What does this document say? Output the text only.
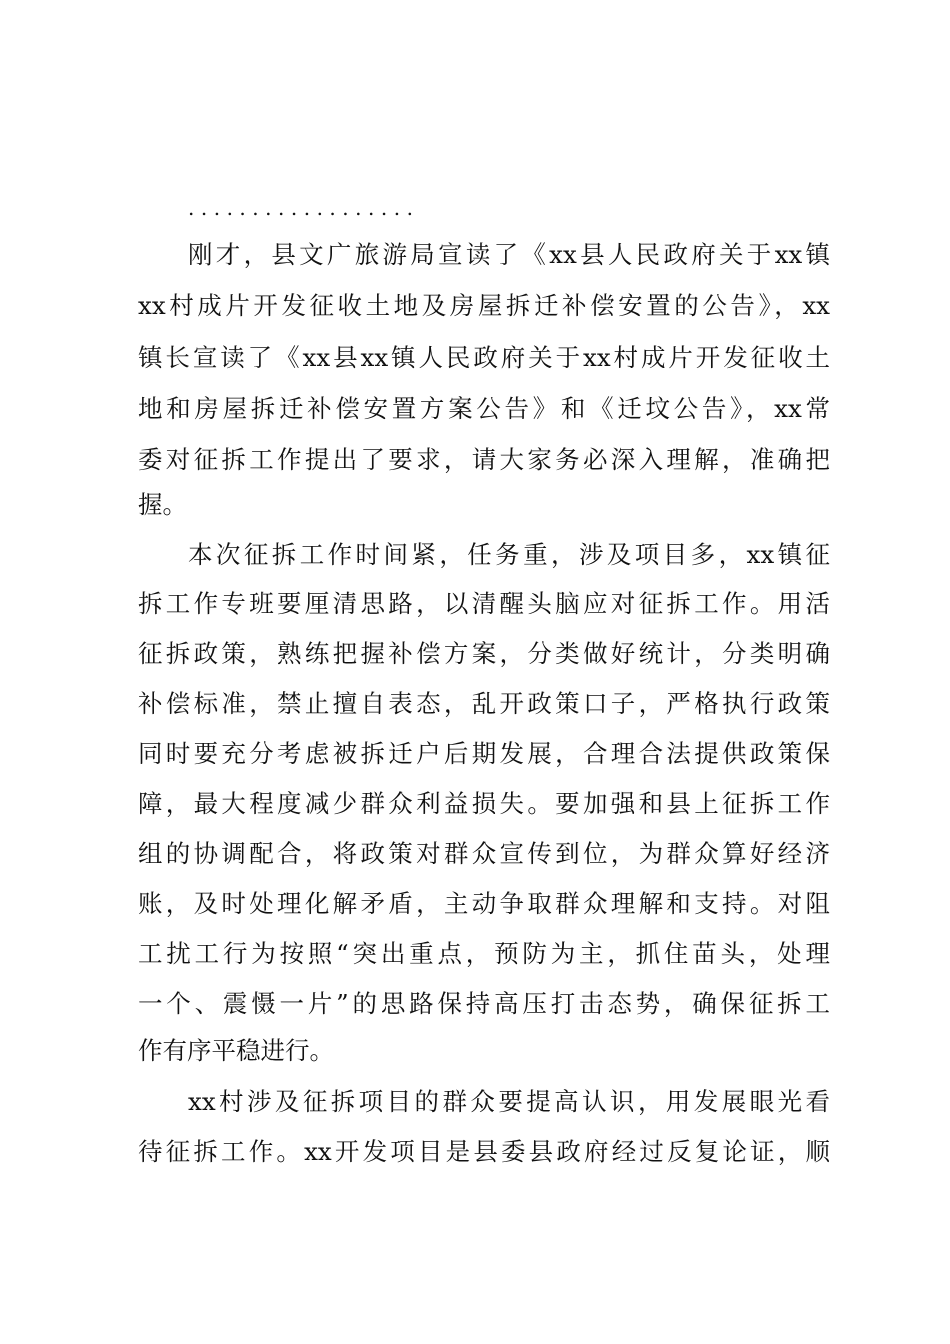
..................
刚才，县文广旅游局宣读了《xx县人民政府关于xx镇
xx村成片开发征收土地及房屋拆迁补偿安置的公告》，xx
镇长宣读了《xx县xx镇人民政府关于xx村成片开发征收土
地和房屋拆迁补偿安置方案公告》和《迁坟公告》，xx常
委对征拆工作提出了要求，请大家务必深入理解，准确把
握。
本次征拆工作时间紧，任务重，涉及项目多，xx镇征
拆工作专班要厘清思路，以清醒头脑应对征拆工作。用活
征拆政策，熟练把握补偿方案，分类做好统计，分类明确
补偿标准，禁止擅自表态，乱开政策口子，严格执行政策
同时要充分考虑被拆迁户后期发展，合理合法提供政策保
障，最大程度减少群众利益损失。要加强和县上征拆工作
组的协调配合，将政策对群众宣传到位，为群众算好经济
账，及时处理化解矛盾，主动争取群众理解和支持。对阻
工扰工行为按照“突出重点，预防为主，抓住苗头，处理
一个、震慑一片”的思路保持高压打击态势，确保征拆工
作有序平稳进行。
xx村涉及征拆项目的群众要提高认识，用发展眼光看
待征拆工作。xx开发项目是县委县政府经过反复论证，顺
